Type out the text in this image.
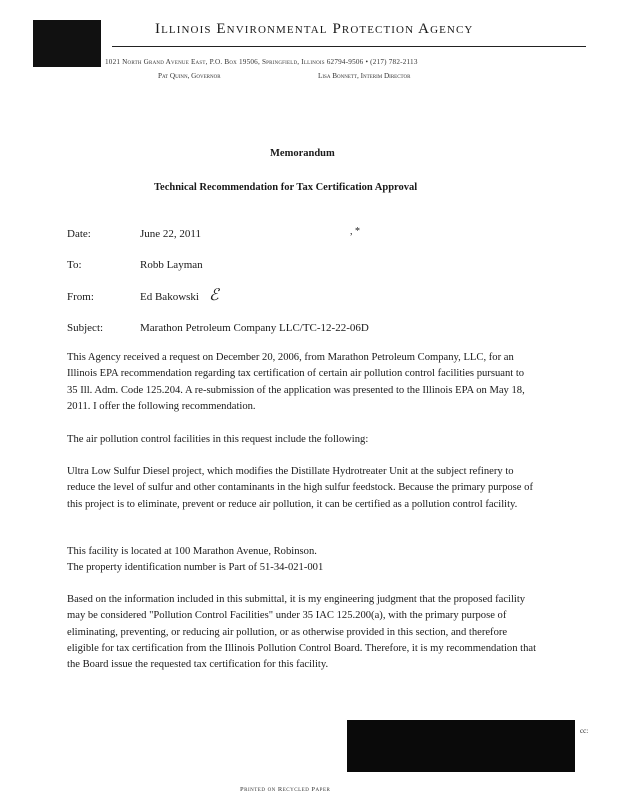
Illinois Environmental Protection Agency
1021 North Grand Avenue East, P.O. Box 19506, Springfield, Illinois 62794-9506 • (217) 782-2113
Pat Quinn, Governor	Lisa Bonnett, Interim Director
Memorandum
Technical Recommendation for Tax Certification Approval
, *
Date:	June 22, 2011
To:	Robb Layman
From:	Ed Bakowski ℰ
Subject:	Marathon Petroleum Company LLC/TC-12-22-06D
This Agency received a request on December 20, 2006, from Marathon Petroleum Company, LLC, for an Illinois EPA recommendation regarding tax certification of certain air pollution control facilities pursuant to 35 Ill. Adm. Code 125.204. A re-submission of the application was presented to the Illinois EPA on May 18, 2011. I offer the following recommendation.
The air pollution control facilities in this request include the following:
Ultra Low Sulfur Diesel project, which modifies the Distillate Hydrotreater Unit at the subject refinery to reduce the level of sulfur and other contaminants in the high sulfur feedstock. Because the primary purpose of this project is to eliminate, prevent or reduce air pollution, it can be certified as a pollution control facility.
This facility is located at 100 Marathon Avenue, Robinson.
The property identification number is Part of 51-34-021-001
Based on the information included in this submittal, it is my engineering judgment that the proposed facility may be considered "Pollution Control Facilities" under 35 IAC 125.200(a), with the primary purpose of eliminating, preventing, or reducing air pollution, or as otherwise provided in this section, and therefore eligible for tax certification from the Illinois Pollution Control Board. Therefore, it is my recommendation that the Board issue the requested tax certification for this facility.
cc:
Printed on Recycled Paper
